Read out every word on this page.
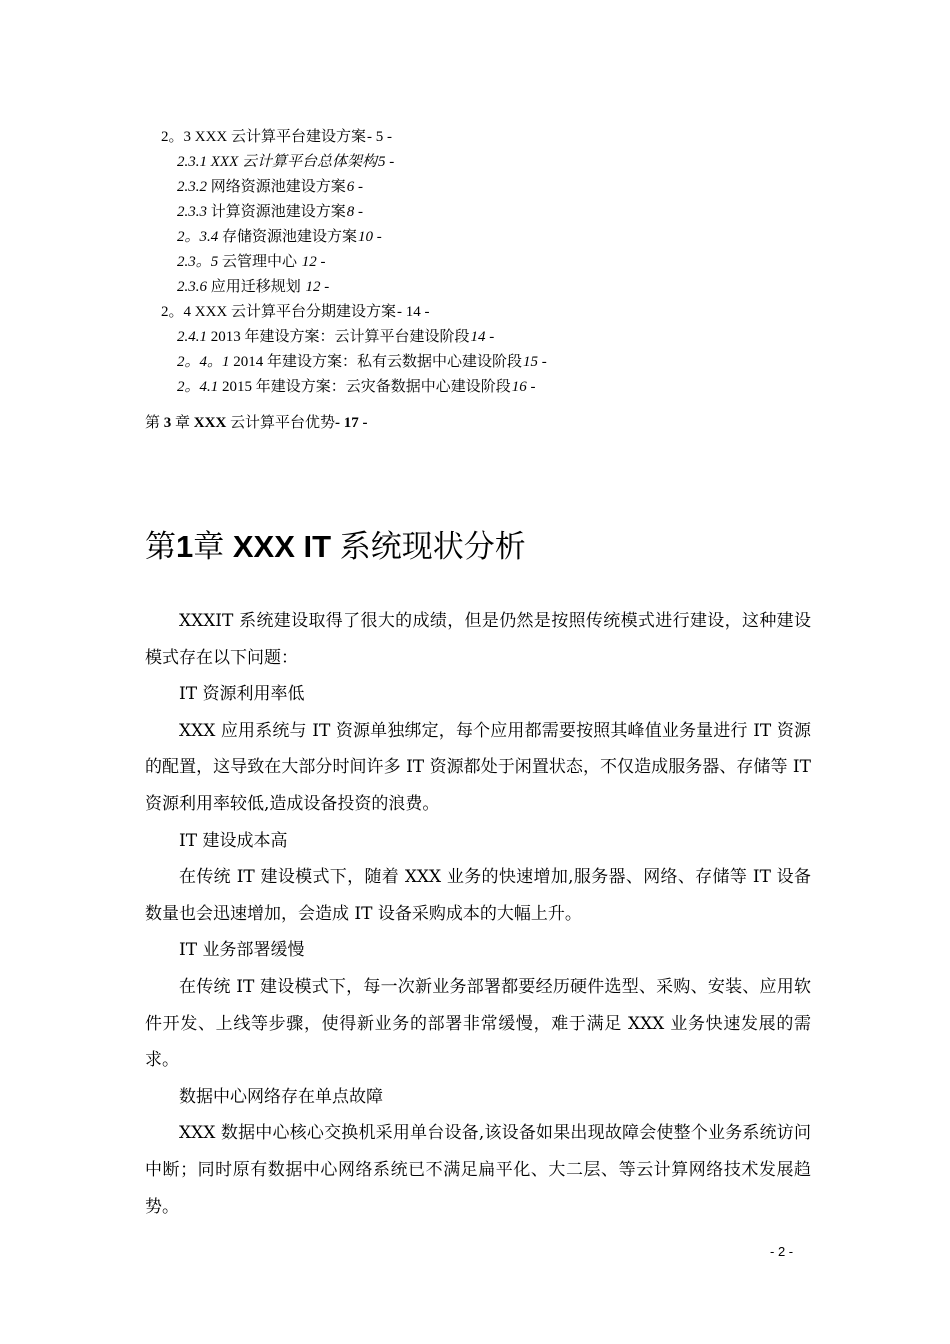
2。3 XXX 云计算平台建设方案- 5 -
2.3.1 XXX 云计算平台总体架构5 -
2.3.2 网络资源池建设方案6 -
2.3.3 计算资源池建设方案8 -
2。3.4 存储资源池建设方案10 -
2.3。5 云管理中心 12 -
2.3.6 应用迁移规划 12 -
2。4 XXX 云计算平台分期建设方案- 14 -
2.4.1 2013 年建设方案：云计算平台建设阶段14 -
2。4。1 2014 年建设方案：私有云数据中心建设阶段15 -
2。4.1 2015 年建设方案：云灾备数据中心建设阶段16 -
第 3 章 XXX 云计算平台优势- 17 -
第1章 XXX IT 系统现状分析

XXXIT 系统建设取得了很大的成绩，但是仍然是按照传统模式进行建设，这种建设模式存在以下问题：

IT 资源利用率低

XXX 应用系统与 IT 资源单独绑定，每个应用都需要按照其峰值业务量进行 IT 资源的配置，这导致在大部分时间许多 IT 资源都处于闲置状态，不仅造成服务器、存储等 IT 资源利用率较低,造成设备投资的浪费。

IT 建设成本高

在传统 IT 建设模式下，随着 XXX 业务的快速增加,服务器、网络、存储等 IT 设备数量也会迅速增加，会造成 IT 设备采购成本的大幅上升。

IT 业务部署缓慢

在传统 IT 建设模式下，每一次新业务部署都要经历硬件选型、采购、安装、应用软件开发、上线等步骤，使得新业务的部署非常缓慢，难于满足 XXX 业务快速发展的需求。

数据中心网络存在单点故障

XXX 数据中心核心交换机采用单台设备,该设备如果出现故障会使整个业务系统访问中断；同时原有数据中心网络系统已不满足扁平化、大二层、等云计算网络技术发展趋势。

- 2 -
